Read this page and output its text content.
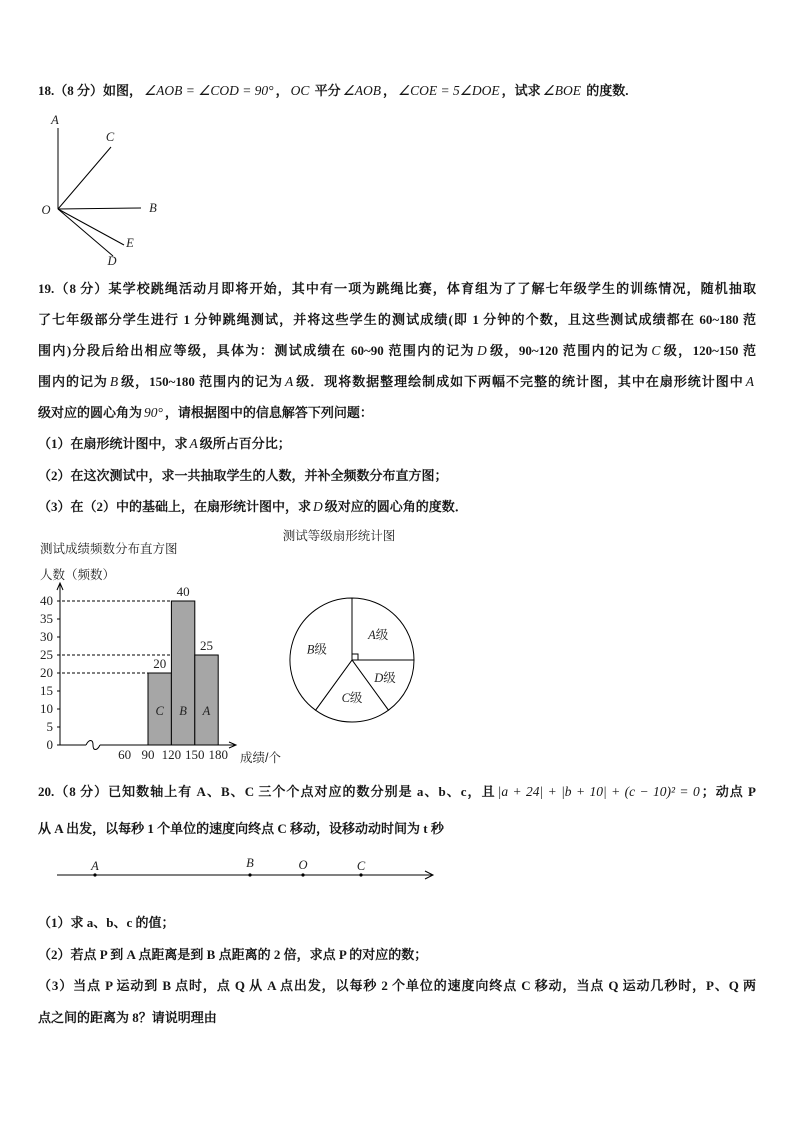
18.（8 分）如图， ∠AOB = ∠COD = 90° ， OC 平分 ∠AOB ， ∠COE = 5∠DOE ，试求 ∠BOE 的度数.
A
C
O	B
E
D
19.（8 分）某学校跳绳活动月即将开始，其中有一项为跳绳比赛，体育组为了了解七年级学生的训练情况，随机抽取
了七年级部分学生进行 1 分钟跳绳测试，并将这些学生的测试成绩(即 1 分钟的个数，且这些测试成绩都在 60~180 范
围内)分段后给出相应等级，具体为：测试成绩在 60~90 范围内的记为 D 级，90~120 范围内的记为 C 级，120~150 范
围内的记为 B 级，150~180 范围内的记为 A 级．现将数据整理绘制成如下两幅不完整的统计图，其中在扇形统计图中 A
级对应的圆心角为 90° ，请根据图中的信息解答下列问题：
（1）在扇形统计图中，求 A 级所占百分比；
（2）在这次测试中，求一共抽取学生的人数，并补全频数分布直方图；
（3）在（2）中的基础上，在扇形统计图中，求 D 级对应的圆心角的度数．
测试成绩频数分布直方图
人数（频数）
成绩/个
0
5
10
15
20
25
30
35
40
60 90 120 150 180
C
20
B
40
A
25
测试等级扇形统计图
A级
D级
C级
B级
20.（8 分）已知数轴上有 A、B、C 三个个点对应的数分别是 a、b、c，且 |a + 24| + |b + 10| + (c − 10)² = 0 ；动点 P
从 A 出发，以每秒 1 个单位的速度向终点 C 移动，设移动动时间为 t 秒
A	B	O	C
（1）求 a、b、c 的值；
（2）若点 P 到 A 点距离是到 B 点距离的 2 倍，求点 P 的对应的数；
（3）当点 P 运动到 B 点时，点 Q 从 A 点出发，以每秒 2 个单位的速度向终点 C 移动，当点 Q 运动几秒时，P、Q 两
点之间的距离为 8？请说明理由
